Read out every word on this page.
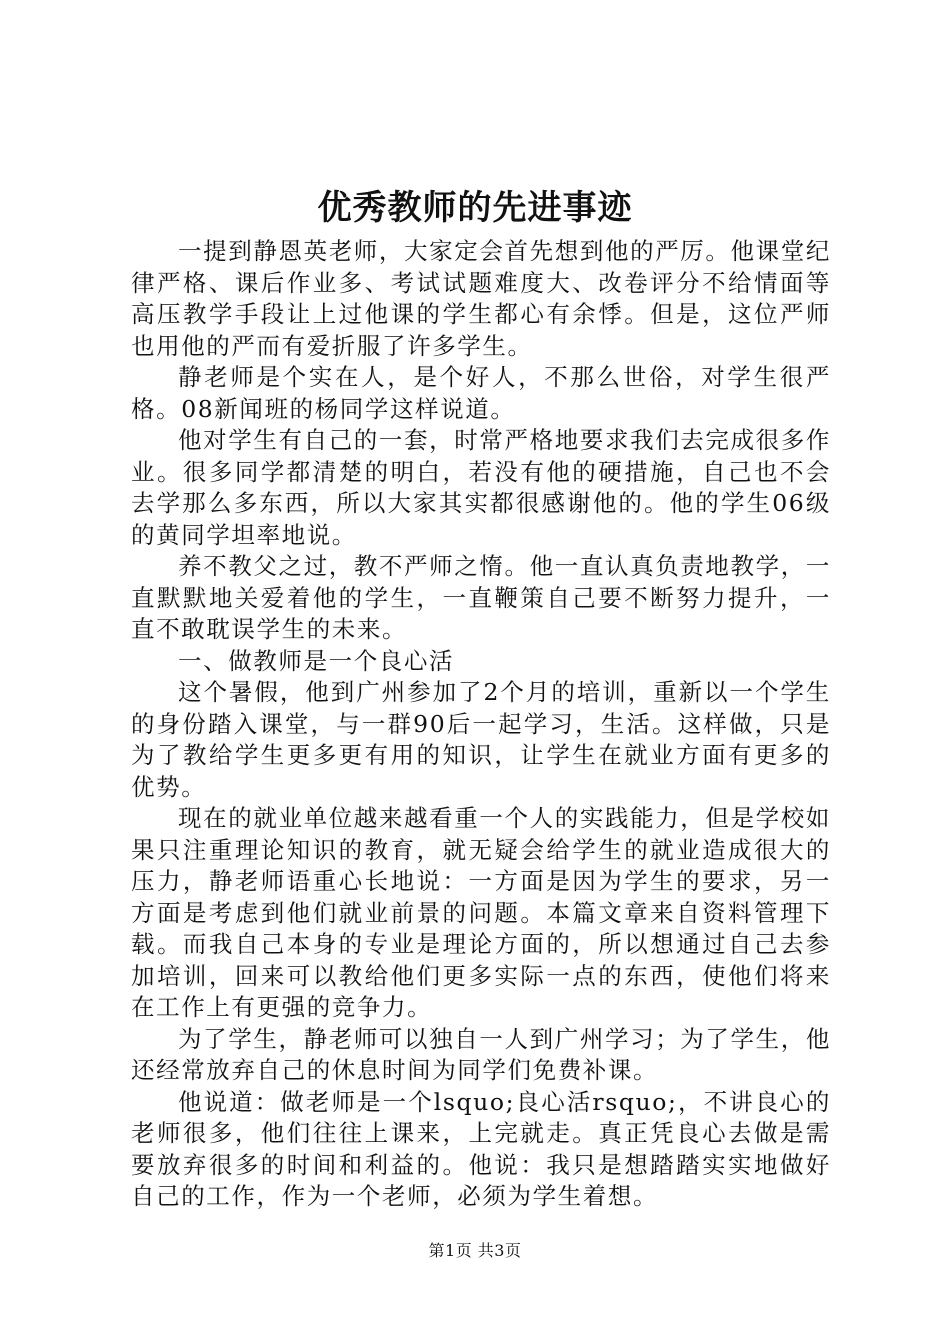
优秀教师的先进事迹

一提到静恩英老师，大家定会首先想到他的严厉。他课堂纪律严格、课后作业多、考试试题难度大、改卷评分不给情面等高压教学手段让上过他课的学生都心有余悸。但是，这位严师也用他的严而有爱折服了许多学生。

静老师是个实在人，是个好人，不那么世俗，对学生很严格。08新闻班的杨同学这样说道。

他对学生有自己的一套，时常严格地要求我们去完成很多作业。很多同学都清楚的明白，若没有他的硬措施，自己也不会去学那么多东西，所以大家其实都很感谢他的。他的学生06级的黄同学坦率地说。

养不教父之过，教不严师之惰。他一直认真负责地教学，一直默默地关爱着他的学生，一直鞭策自己要不断努力提升，一直不敢耽误学生的未来。

一、做教师是一个良心活

这个暑假，他到广州参加了2个月的培训，重新以一个学生的身份踏入课堂，与一群90后一起学习，生活。这样做，只是为了教给学生更多更有用的知识，让学生在就业方面有更多的优势。

现在的就业单位越来越看重一个人的实践能力，但是学校如果只注重理论知识的教育，就无疑会给学生的就业造成很大的压力，静老师语重心长地说：一方面是因为学生的要求，另一方面是考虑到他们就业前景的问题。本篇文章来自资料管理下载。而我自己本身的专业是理论方面的，所以想通过自己去参加培训，回来可以教给他们更多实际一点的东西，使他们将来在工作上有更强的竞争力。

为了学生，静老师可以独自一人到广州学习；为了学生，他还经常放弃自己的休息时间为同学们免费补课。

他说道：做老师是一个lsquo;良心活rsquo;，不讲良心的老师很多，他们往往上课来，上完就走。真正凭良心去做是需要放弃很多的时间和利益的。他说：我只是想踏踏实实地做好自己的工作，作为一个老师，必须为学生着想。

第1页 共3页
